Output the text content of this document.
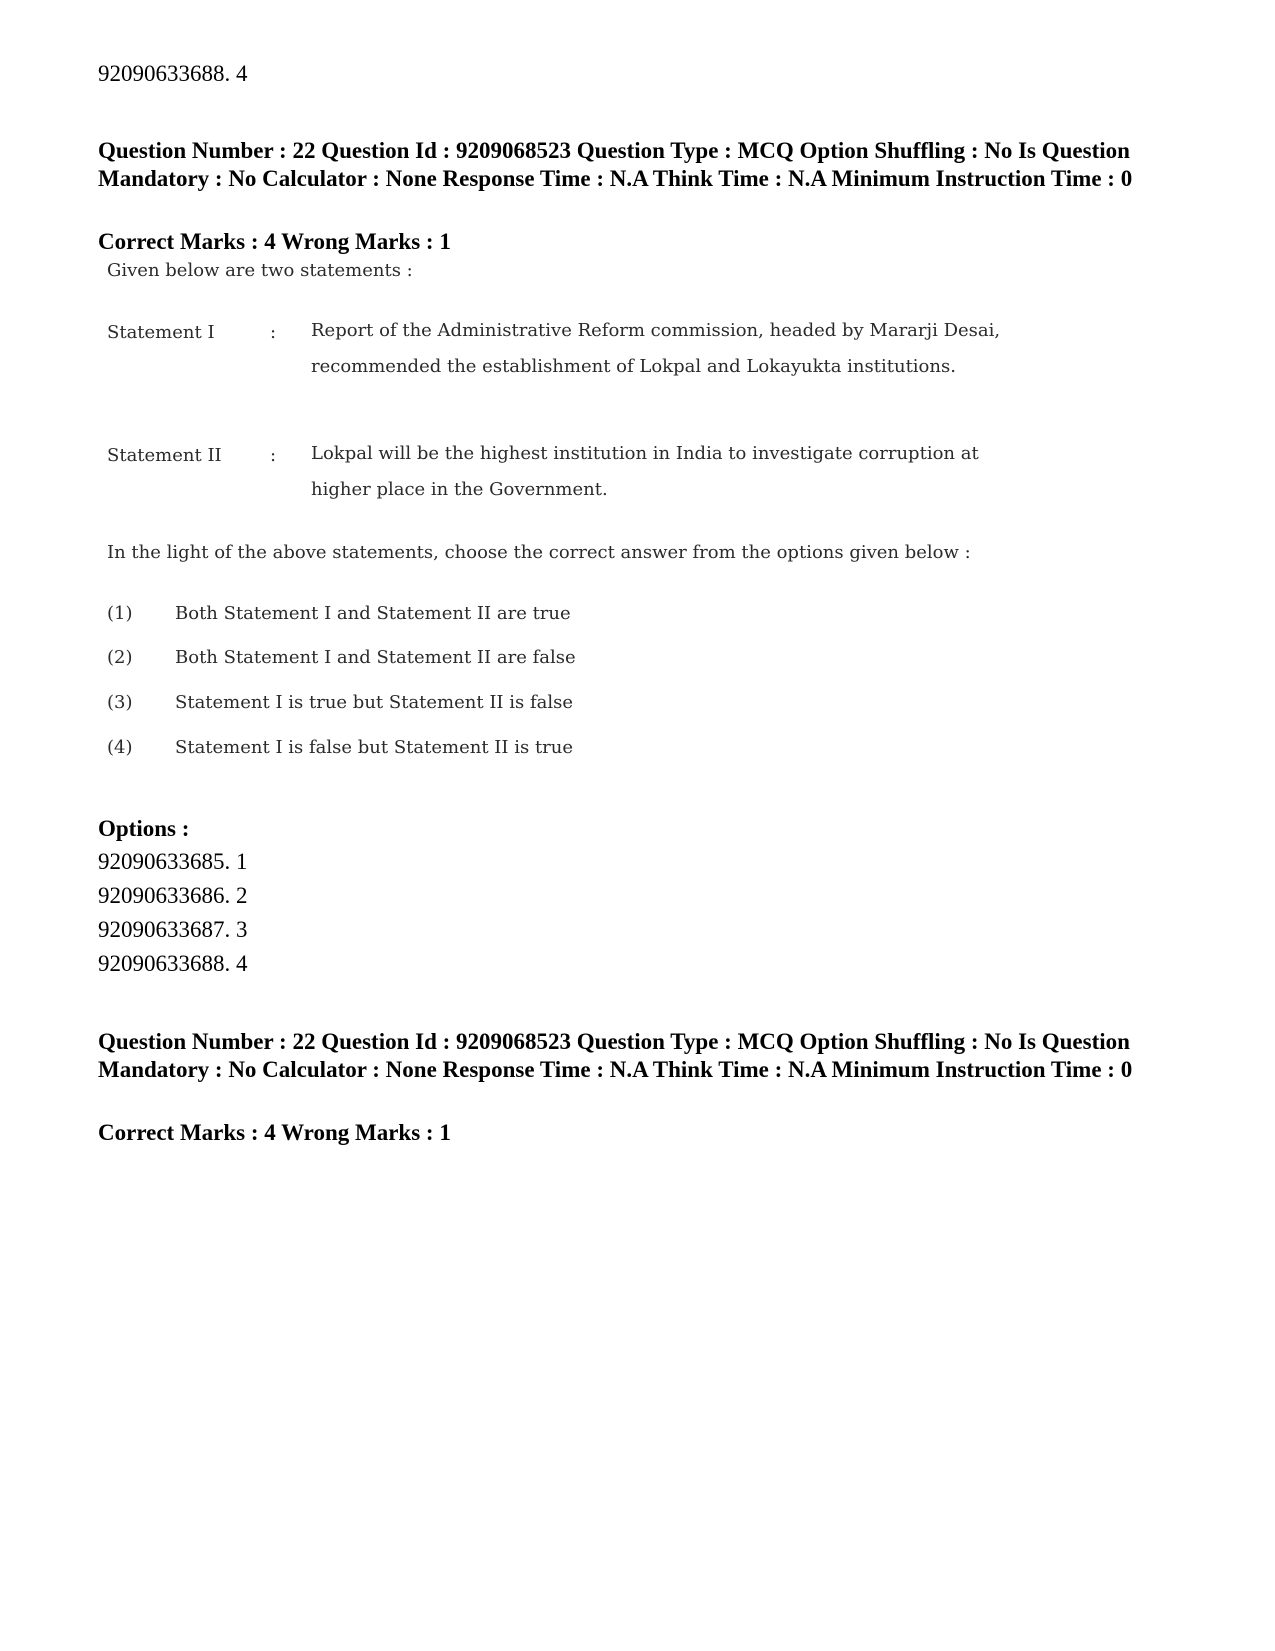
92090633688. 4
Question Number : 22 Question Id : 9209068523 Question Type : MCQ Option Shuffling : No Is Question Mandatory : No Calculator : None Response Time : N.A Think Time : N.A Minimum Instruction Time : 0
Correct Marks : 4 Wrong Marks : 1
Given below are two statements :
Statement I	: Report of the Administrative Reform commission, headed by Mararji Desai, recommended the establishment of Lokpal and Lokayukta institutions.
Statement II	: Lokpal will be the highest institution in India to investigate corruption at higher place in the Government.
In the light of the above statements, choose the correct answer from the options given below :
(1) Both Statement I and Statement II are true
(2) Both Statement I and Statement II are false
(3) Statement I is true but Statement II is false
(4) Statement I is false but Statement II is true
Options :
92090633685. 1
92090633686. 2
92090633687. 3
92090633688. 4
Question Number : 22 Question Id : 9209068523 Question Type : MCQ Option Shuffling : No Is Question Mandatory : No Calculator : None Response Time : N.A Think Time : N.A Minimum Instruction Time : 0
Correct Marks : 4 Wrong Marks : 1
